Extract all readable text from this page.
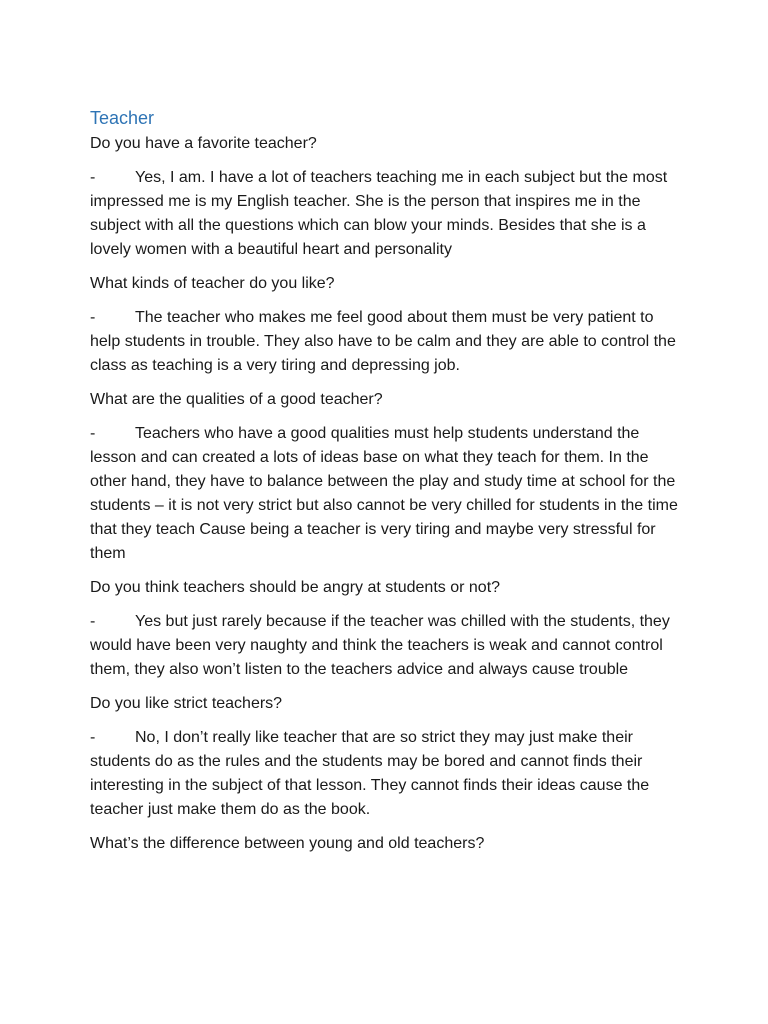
Teacher
Do you have a favorite teacher?
- Yes, I am. I have a lot of teachers teaching me in each subject but the most impressed me is my English teacher. She is the person that inspires me in the subject with all the questions which can blow your minds. Besides that she is a lovely women with a beautiful heart and personality
What kinds of teacher do you like?
- The teacher who makes me feel good about them must be very patient to help students in trouble. They also have to be calm and they are able to control the class as teaching is a very tiring and depressing job.
What are the qualities of a good teacher?
- Teachers who have a good qualities must help students understand the lesson and can created a lots of ideas base on what they teach for them. In the other hand, they have to balance between the play and study time at school for the students – it is not very strict but also cannot be very chilled for students in the time that they teach Cause being a teacher is very tiring and maybe very stressful for them
Do you think teachers should be angry at students or not?
- Yes but just rarely because if the teacher was chilled with the students, they would have been very naughty and think the teachers is weak and cannot control them, they also won’t listen to the teachers advice and always cause trouble
Do you like strict teachers?
- No, I don’t really like teacher that are so strict they may just make their students do as the rules and the students may be bored and cannot finds their interesting in the subject of that lesson. They cannot finds their ideas cause the teacher just make them do as the book.
What’s the difference between young and old teachers?
